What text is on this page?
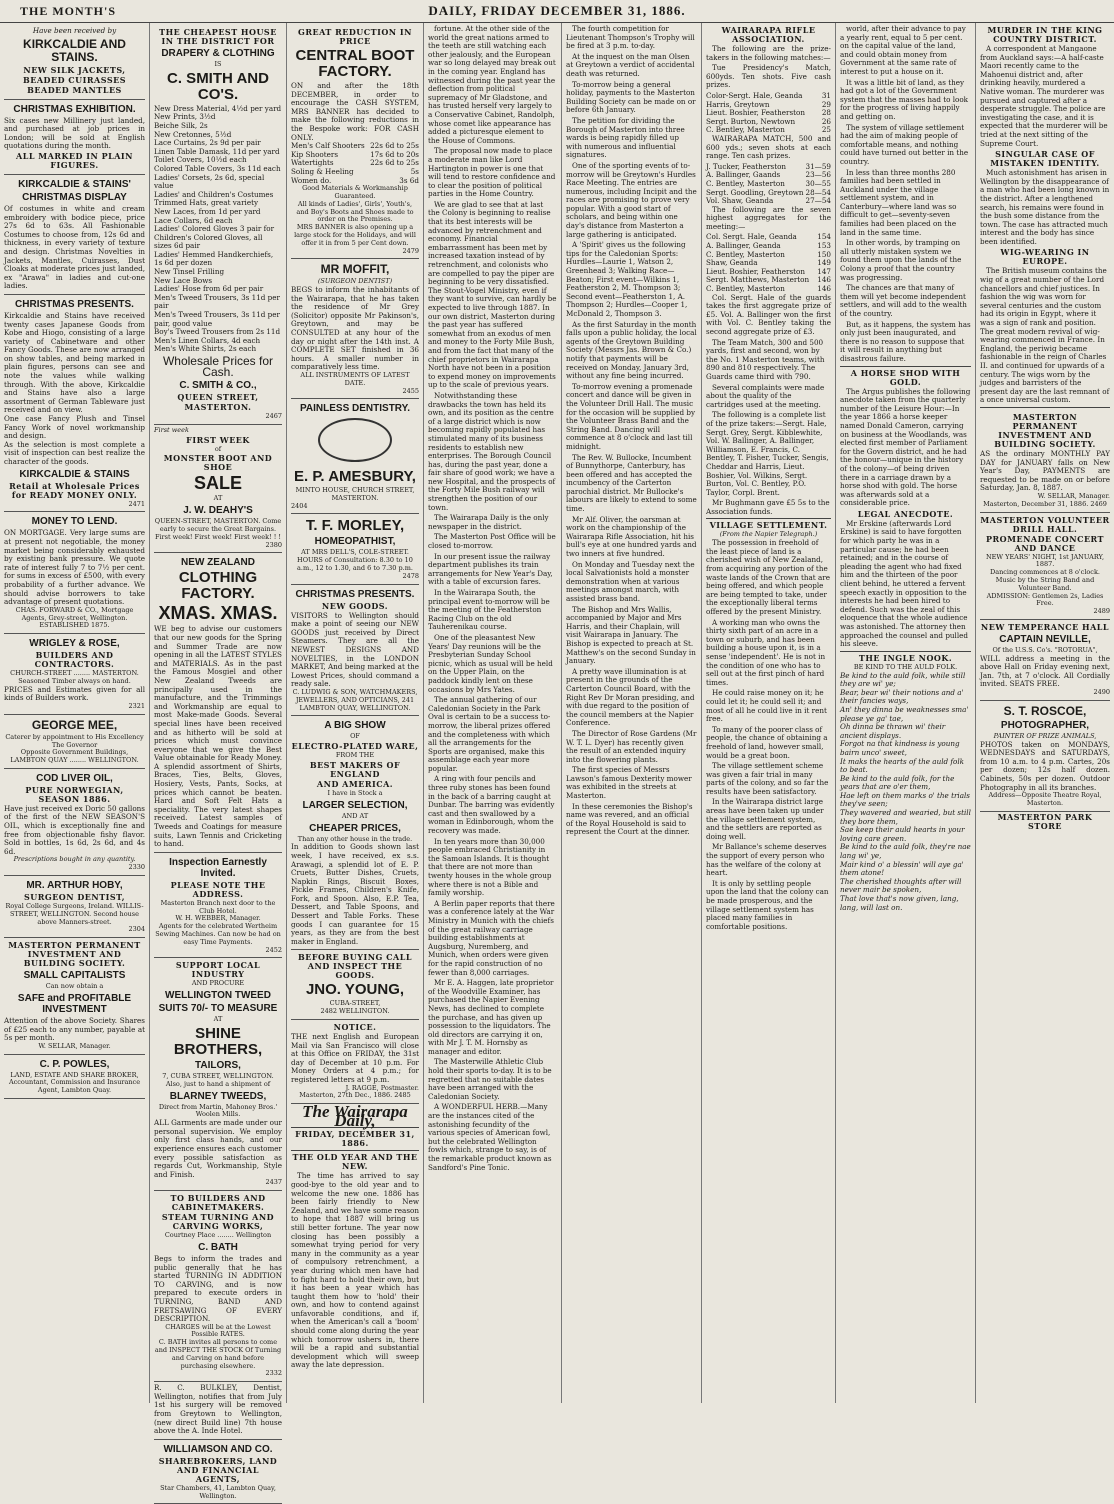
THE MONTH'S	DAILY, FRIDAY DECEMBER 31, 1886.
Have been received by
KIRKCALDIE AND STAINS.
NEW SILK JACKETS,
BEADED CUIRASSES
BEADED MANTLES
CHRISTMAS EXHIBITION.
Six cases new Millinery just landed, and purchased at job prices in London; will be sold at English quotations during the month.
ALL MARKED IN PLAIN FIGURES.
KIRKCALDIE & STAINS'
CHRISTMAS DISPLAY
Of costumes in white and cream embroidery with bodice piece, price 27s 6d to 63s. All Fashionable Costumes to choose from, 12s 6d and thickness, in every variety of texture and design. Christmas Novelties in Jackets, Mantles, Cuirasses, Dust Cloaks at moderate prices just landed, ex "Arawa" in ladies and cut-one ladies.
CHRISTMAS PRESENTS.
Kirkcaldie and Stains have received twenty cases Japanese Goods from Kobe and Hiogo, consisting of a large variety of Cabinetware and other Fancy Goods. These are now arranged on show tables, and being marked in plain figures, persons can see and note the values while walking through. With the above, Kirkcaldie and Stains have also a large assortment of German Tableware just received and on view.
One case Fancy Plush and Tinsel Fancy Work of novel workmanship and design.
As the selection is most complete a visit of inspection can best realize the character of the goods.
KIRKCALDIE & STAINS
Retail at Wholesale Prices for READY MONEY ONLY.
2471
MONEY TO LEND.
ON MORTGAGE. Very large sums are at present not negotiable, the money market being considerably exhausted by existing bank pressure. We quote rate of interest fully 7 to 7½ per cent. for sums in excess of £500, with every probability of a further advance. We should advise borrowers to take advantage of present quotations.
CHAS. FORWARD & CO., Mortgage Agents, Grey-street, Wellington. ESTABLISHED 1875.
WRIGLEY & ROSE,
BUILDERS AND CONTRACTORS.
CHURCH-STREET ........ MASTERTON.
Seasoned Timber always on hand.
PRICES and Estimates given for all kinds of Builders work.
2321
GEORGE MEE,
Caterer by appointment to His Excellency The Governor
Opposite Government Buildings,
LAMBTON QUAY ........ WELLINGTON.
COD LIVER OIL,
PURE NORWEGIAN, SEASON 1886.
Have just received ex Doric 50 gallons of the first of the NEW SEASON'S OIL, which is exceptionally fine and free from objectionable fishy flavor. Sold in bottles, 1s 6d, 2s 6d, and 4s 6d.
Prescriptions bought in any quantity.
2330
MR. ARTHUR HOBY,
SURGEON DENTIST,
Royal College Surgeons, Ireland. WILLIS-STREET, WELLINGTON. Second house above Manners-street.
2304
MASTERTON PERMANENT INVESTMENT AND BUILDING SOCIETY.
SMALL CAPITALISTS
Can now obtain a
SAFE and PROFITABLE INVESTMENT
Attention of the above Society. Shares of £25 each to any number, payable at 5s per month.
W. SELLAR, Manager.
C. P. POWLES,
LAND, ESTATE AND SHARE BROKER, Accountant, Commission and Insurance Agent, Lambton Quay.
THE CHEAPEST HOUSE IN THE DISTRICT FOR
DRAPERY & CLOTHING
IS
C. SMITH AND CO'S.
New Dress Material, 4½d per yard
New Prints, 3½d
Beiche Silk, 2s
New Cretonnes, 5½d
Lace Curtains, 2s 9d per pair
Linen Table Damask, 11d per yard
Toilet Covers, 10½d each
Colored Table Covers, 3s 11d each
Ladies' Corsets, 2s 6d, special value
Ladies' and Children's Costumes
Trimmed Hats, great variety
New Laces, from 1d per yard
Lace Collars, 6d each
Ladies' Colored Gloves 3 pair for
Children's Colored Gloves, all sizes 6d pair
Ladies' Hemmed Handkerchiefs, 1s 6d per dozen
New Tinsel Frilling
New Lace Bows
Ladies' Hose from 6d per pair
Men's Tweed Trousers, 3s 11d per pair
Men's Tweed Trousers, 3s 11d per pair, good value
Boy's Tweed Trousers from 2s 11d
Men's Linen Collars, 4d each
Men's White Shirts, 2s each
Wholesale Prices for Cash.
C. SMITH & CO.,
QUEEN STREET,
MASTERTON.
2467
First week
FIRST WEEK
of
MONSTER BOOT AND SHOE
SALE
AT
J. W. DEAHY'S
QUEEN-STREET, MASTERTON. Come early to secure the Great Bargains. First week! First week! First week! ! !
2380
NEW ZEALAND
CLOTHING FACTORY.
XMAS. XMAS.
WE beg to advise our customers that our new goods for the Spring and Summer Trade are now opening in all the LATEST STYLES and MATERIALS. As in the past the Famous Mosgiel and other New Zealand Tweeds are principally used in the manufacture, and the Trimmings and Workmanship are equal to most Make-made Goods. Several special lines have been received and as hitherto will be sold at prices which must convince everyone that we give the Best Value obtainable for Ready Money. A splendid assortment of Shirts, Braces, Ties, Belts, Gloves, Hosiery, Vests, Pants, Socks, at prices which cannot be beaten. Hard and Soft Felt Hats a speciality. The very latest shapes received. Latest samples of Tweeds and Coatings for measure suits, Lawn Tennis and Cricketing to hand.
Inspection Earnestly Invited.
PLEASE NOTE THE ADDRESS.
Masterton Branch next door to the Club Hotel.
W. H. WEBBER, Manager.
Agents for the celebrated Wertheim Sewing Machines. Can now be had on easy Time Payments.
2452
SUPPORT LOCAL INDUSTRY
AND PROCURE
WELLINGTON TWEED
SUITS 70/- TO MEASURE
AT
SHINE BROTHERS,
TAILORS,
7, CUBA STREET, WELLINGTON.
Also, just to hand a shipment of
BLARNEY TWEEDS,
Direct from Martin, Mahoney Bros.' Woolen Mills.
ALL Garments are made under our personal supervision. We employ only first class hands, and our experience ensures each customer every possible satisfaction as regards Cut, Workmanship, Style and Finish.
2437
TO BUILDERS AND CABINETMAKERS.
STEAM TURNING AND CARVING WORKS,
Courtney Place ........ Wellington
C. BATH
Begs to inform the trades and public generally that he has started TURNING IN ADDITION TO CARVING, and is now prepared to execute orders in TURNING, BAND AND FRETSAWING OF EVERY DESCRIPTION.
CHARGES will be at the Lowest Possible RATES.
C. BATH invites all persons to come and INSPECT THE STOCK Of Turning and Carving on hand before purchasing elsewhere.
2332
R. C. BULKLEY, Dentist, Wellington, notifies that from July 1st his surgery will be removed from Greytown to Wellington, (new direct Build line) 7th house above the A. Inde Hotel.
WILLIAMSON AND CO.
SHAREBROKERS, LAND AND FINANCIAL AGENTS,
Star Chambers, 41, Lambton Quay, Wellington.
GREAT REDUCTION IN PRICE
CENTRAL BOOT FACTORY.
ON and after the 18th DECEMBER, in order to encourage the CASH SYSTEM, MRS BANNER has decided to make the following reductions in the Bespoke work: FOR CASH ONLY.
Men's Calf Shooters 22s 6d to 25s
Kip Shooters	17s 6d to 20s
Watertights	22s 6d to 25s
Soling & Heeling	5s
Women do.	3s 6d
Good Materials & Workmanship Guaranteed.
All kinds of Ladies', Girls', Youth's, and Boy's Boots and Shoes made to order on the Premises.
MRS BANNER is also opening up a large stock for the Holidays, and will offer it in from 5 per Cent down.
2479
MR MOFFIT,
(SURGEON DENTIST)
BEGS to inform the inhabitants of the Wairarapa, that he has taken the residence of Mr Grey (Solicitor) opposite Mr Pakinson's, Greytown, and may be CONSULTED at any hour of the day or night after the 14th inst. A COMPLETE SET finished in 36 hours. A smaller number in comparatively less time.
ALL INSTRUMENTS OF LATEST DATE.
2455
PAINLESS DENTISTRY.
E. P. AMESBURY,
MINTO HOUSE, CHURCH STREET, MASTERTON.
2404
T. F. MORLEY,
HOMEOPATHIST,
AT MRS DELL'S, COLE-STREET.
HOURS of Consultation: 8.30 to 10 a.m., 12 to 1.30, and 6 to 7.30 p.m.
2478
CHRISTMAS PRESENTS.
NEW GOODS.
VISITORS to Wellington should make a point of seeing our NEW GOODS just received by Direct Steamers. They are all the NEWEST DESIGNS AND NOVELTIES, in the LONDON MARKET, And being marked at the Lowest Prices, should command a ready sale.
C. LUDWIG & SON, WATCHMAKERS, JEWELLERS, AND OPTICIANS, 241 LAMBTON QUAY, WELLINGTON.
A BIG SHOW
OF
ELECTRO-PLATED WARE,
FROM THE
BEST MAKERS OF ENGLAND
AND AMERICA.
I have in Stock a
LARGER SELECTION,
AND AT
CHEAPER PRICES,
Than any other house in the trade.
In addition to Goods shown last week, I have received, ex s.s. Arawagi, a splendid lot of E. P. Cruets, Butter Dishes, Cruets, Napkin Rings, Biscuit Boxes, Pickle Frames, Children's Knife, Fork, and Spoon. Also, E.P. Tea, Dessert, and Table Spoons, and Dessert and Table Forks. These goods I can guarantee for 15 years, as they are from the best maker in England.
BEFORE BUYING CALL AND INSPECT THE GOODS.
JNO. YOUNG,
CUBA-STREET,
2482 WELLINGTON.
NOTICE.
THE next English and European Mail via San Francisco will close at this Office on FRIDAY, the 31st day of December at 10 p.m. For Money Orders at 4 p.m.; for registered letters at 9 p.m.
J. RAGGE, Postmaster.
Masterton, 27th Dec., 1886. 2485
The Wairarapa Daily,
FRIDAY, DECEMBER 31, 1886.
THE OLD YEAR AND THE NEW.
The time has arrived to say good-bye to the old year and to welcome the new one. 1886 has been fairly friendly to New Zealand, and we have some reason to hope that 1887 will bring us still better fortune. The year now closing has been possibly a somewhat trying period for very many in the community as a year of compulsory retrenchment, a year during which men have had to fight hard to hold their own, but it has been a year which has taught them how to 'hold' their own, and how to contend against unfavorable conditions, and if, when the American's call a 'boom' should come along during the year which tomorrow ushers in, there will be a rapid and substantial development which will sweep away the late depression.

fortune. At the other side of the world the great nations armed to the teeth are still watching each other jealously, and the European war so long delayed may break out in the coming year. England has witnessed during the past year the deflection from political supremacy of Mr Gladstone, and has trusted herself very largely to a Conservative Cabinet, Randolph, whose comet like appearance has added a picturesque element to the House of Commons.

The proposal now made to place a moderate man like Lord Hartington in power is one that will tend to restore confidence and to clear the position of political parties in the Home Country.

We are glad to see that at last the Colony is beginning to realise that its best interests will be advanced by retrenchment and economy. Financial embarrassment has been met by increased taxation instead of by retrenchment, and colonists who are compelled to pay the piper are beginning to be very dissatisfied. The Stout-Vogel Ministry, even if they want to survive, can hardly be expected to live through 1887. In our own district, Masterton during the past year has suffered somewhat from an exodus of men and money to the Forty Mile Bush, and from the fact that many of the chief proprietors in Wairarapa North have not been in a position to expend money on improvements up to the scale of previous years.

Notwithstanding these drawbacks the town has held its own, and its position as the centre of a large district which is now becoming rapidly populated has stimulated many of its business residents to establish new enterprises. The Borough Council has, during the past year, done a fair share of good work; we have a new Hospital, and the prospects of the Forty Mile Bush railway will strengthen the position of our town.

The Wairarapa Daily is the only newspaper in the district.

The Masterton Post Office will be closed to-morrow.

In our present issue the railway department publishes its train arrangements for New Year's Day, with a table of excursion fares.

In the Wairarapa South, the principal event to-morrow will be the meeting of the Featherston Racing Club on the old Tauherenikau course.

One of the pleasantest New Years' Day reunions will be the Presbyterian Sunday School picnic, which as usual will be held on the Upper Plain, on the paddock kindly lent on these occasions by Mrs Yates.

The annual gathering of our Caledonian Society in the Park Oval is certain to be a success to-morrow, the liberal prizes offered and the completeness with which all the arrangements for the Sports are organised, make this assemblage each year more popular.

A ring with four pencils and three ruby stones has been found in the back of a barring caught at Dunbar. The barring was evidently cast and then swallowed by a woman in Edinborough, whom the recovery was made.

In ten years more than 30,000 people embraced Christianity in the Samoan Islands. It is thought that there are not more than twenty houses in the whole group where there is not a Bible and family worship.

A Berlin paper reports that there was a conference lately at the War Ministry in Munich with the chiefs of the great railway carriage building establishments at Augsburg, Nuremberg, and Munich, when orders were given for the rapid construction of no fewer than 8,000 carriages.

Mr E. A. Haggen, late proprietor of the Woodville Examiner, has purchased the Napier Evening News, has declined to complete the purchase, and has given up possession to the liquidators. The old directors are carrying it on, with Mr J. T. M. Hornsby as manager and editor.

The Masterwille Athletic Club hold their sports to-day. It is to be regretted that no suitable dates have been arranged with the Caledonian Society.

A WONDERFUL HERB.—Many are the instances cited of the astonishing fecundity of the various species of American fowl, but the celebrated Wellington fowls which, strange to say, is of the remarkable product known as Sandford's Pine Tonic.

The fourth competition for Lieutenant Thompson's Trophy will be fired at 3 p.m. to-day.

At the inquest on the man Olsen at Greytown a verdict of accidental death was returned.

To-morrow being a general holiday, payments to the Masterton Building Society can be made on or before 6th January.

The petition for dividing the Borough of Masterton into three wards is being rapidly filled up with numerous and influential signatures.

One of the sporting events of to-morrow will be Greytown's Hurdles Race Meeting. The entries are numerous, including Incipit and the races are promising to prove very popular. With a good start of scholars, and being within one day's distance from Masterton a large gathering is anticipated.

A 'Spirit' gives us the following tips for the Caledonian Sports: Hurdles—Laurie 1, Watson 2, Greenhead 3; Walking Race—Beaton; First event—Wilkins 1, Featherston 2, M. Thompson 3; Second event—Featherston 1, A. Thompson 2; Hurdles—Cooper 1, McDonald 2, Thompson 3.

As the first Saturday in the month falls upon a public holiday, the local agents of the Greytown Building Society (Messrs Jas. Brown & Co.) notify that payments will be received on Monday, January 3rd, without any fine being incurred.

To-morrow evening a promenade concert and dance will be given in the Volunteer Drill Hall. The music for the occasion will be supplied by the Volunteer Brass Band and the String Band. Dancing will commence at 8 o'clock and last till midnight.

The Rev. W. Bullocke, Incumbent of Bunnythorpe, Canterbury, has been offered and has accepted the incumbency of the Carterton parochial district. Mr Bullocke's labours are likely to extend to some time.

Mr Alf. Oliver, the oarsman at work on the championship of the Wairarapa Rifle Association, hit his bull's eye at one hundred yards and two inners at five hundred.

On Monday and Tuesday next the local Salvationists hold a monster demonstration when at various meetings amongst march, with assisted brass band.

The Bishop and Mrs Wallis, accompanied by Major and Mrs Harris, and their Chaplain, will visit Wairarapa in January. The Bishop is expected to preach at St. Matthew's on the second Sunday in January.

A pretty wave illumination is at present in the grounds of the Carterton Council Board, with the Right Rev Dr Moran presiding, and with due regard to the position of the council members at the Napier Conference.

The Director of Rose Gardens (Mr W. T. L. Dyer) has recently given the result of an extended inquiry into the flowering plants.

The first species of Messrs Lawson's famous Dexterity mower was exhibited in the streets at Masterton.

In these ceremonies the Bishop's name was revered, and an official of the Royal Household is said to represent the Court at the dinner.

WAIRARAPA RIFLE ASSOCIATION.
The following are the prize-takers in the following matches:—
Tue Presidency's Match, 600yds. Ten shots. Five cash prizes.
Color-Sergt. Hale, Geanda	31
Harris, Greytown	29
Lieut. Boshier, Featherston 28
Sergt. Burton, Newtown	26
C. Bentley, Masterton	25
WAIRARAPA MATCH, 500 and 600 yds.; seven shots at each range. Ten cash prizes.
J. Tucker, Featherston	31—59
A. Ballinger, Gaands	23—56
C. Bentley, Masterton	30—55
Sergt. Goodling, Greytown 28—54
Vol. Shaw, Geanda	27—54
The following are the seven highest aggregates for the meeting:—
Col. Sergt. Hale, Geanda	154
A. Ballinger, Geanda	153
C. Bentley, Masterton	150
Shaw, Geanda	149
Lieut. Boshier, Featherston 147
Sergt. Matthews, Masterton 146
C. Bentley, Masterton	146
Col. Sergt. Hale of the guards takes the first aggregate prize of £5. Vol. A. Ballinger won the first with Vol. C. Bentley taking the second aggregate prize of £3.

The Team Match, 300 and 500 yards, first and second, won by the No. 1 Masterton teams, with 890 and 810 respectively. The Guards came third with 790.

Several complaints were made about the quality of the cartridges used at the meeting.

The following is a complete list of the prize takers:—Sergt. Hale, Sergt. Grey, Sergt. Kibblewhite, Vol. W. Ballinger, A. Ballinger, Williamson, E. Francis, C. Bentley, T. Fisher, Tucker, Sengis, Cheddar and Harris, Lieut. Boshier, Vol. Wilkins, Sergt. Burton, Vol. C. Bentley, P.O. Taylor, Corpl. Brent.

Mr Bughmann gave £5 5s to the Association funds.

VILLAGE SETTLEMENT.
(From the Napier Telegraph.)

The possession in freehold of the least piece of land is a cherished wish of New Zealand, from acquiring any portion of the waste lands of the Crown that are being offered, and which people are being tempted to take, under the exceptionally liberal terms offered by the present Ministry.

A working man who owns the thirty sixth part of an acre in a town or suburb, and has been building a house upon it, is in a sense 'independent'. He is not in the condition of one who has to sell out at the first pinch of hard times.

He could raise money on it; he could let it; he could sell it; and most of all he could live in it rent free.

To many of the poorer class of people, the chance of obtaining a freehold of land, however small, would be a great boon.

The village settlement scheme was given a fair trial in many parts of the colony, and so far the results have been satisfactory.

In the Wairarapa district large areas have been taken up under the village settlement system, and the settlers are reported as doing well.

Mr Ballance's scheme deserves the support of every person who has the welfare of the colony at heart.

It is only by settling people upon the land that the colony can be made prosperous, and the village settlement system has placed many families in comfortable positions.

world, after their advance to pay a yearly rent, equal to 5 per cent. on the capital value of the land, and could obtain money from Government at the same rate of interest to put a house on it.

It was a little bit of land, as they had got a lot of the Government system that the masses had to look for the progress of living happily and getting on.

The system of village settlement had the aim of making people of comfortable means, and nothing could have turned out better in the country.

In less than three months 280 families had been settled in Auckland under the village settlement system, and in Canterbury—where land was so difficult to get—seventy-seven families had been placed on the land in the same time.

In other words, by tramping on all utterly mistaken system we found them upon the lands of the Colony a proof that the country was progressing.

The chances are that many of them will yet become independent settlers, and will add to the wealth of the country.

But, as it happens, the system has only just been inaugurated, and there is no reason to suppose that it will result in anything but disastrous failure.

A HORSE SHOD WITH GOLD.

The Argus publishes the following anecdote taken from the quarterly number of the Leisure Hour:—In the year 1866 a horse keeper named Donald Cameron, carrying on business at the Woodlands, was elected first member of Parliament for the Govern district, and he had the honour—unique in the history of the colony—of being driven there in a carriage drawn by a horse shod with gold. The horse was afterwards sold at a considerable price.

LEGAL ANECDOTE.

Mr Erskine (afterwards Lord Erskine) is said to have forgotten for which party he was in a particular cause; he had been retained; and in the course of pleading the agent who had fixed him and the thirteen of the poor client behind, he uttered a fervent speech exactly in opposition to the interests he had been hired to defend. Such was the zeal of this eloquence that the whole audience was astonished. The attorney then approached the counsel and pulled his sleeve.

THE INGLE NOOK.
BE KIND TO THE AULD FOLK.
Be kind to the auld folk, while still they are wi' ye;
Bear, bear wi' their notions and a' their fancies ways,
An' they dinna be weaknesses sma' please ye ga' tae,
Oh dinna be thrawn wi' their ancient displays.
Forgot na that kindness is young bairn unco' sweet,
It maks the hearts of the auld folk to beat.
Be kind to the auld folk, for the years that are o'er them,
Hae left on them marks o' the trials they've seen;
They wavered and wearied, but still they bore them,
Sae keep their auld hearts in your loving care green.
Be kind to the auld folk, they're nae lang wi' ye,
Mair kind o' a blessin' will aye ga' them atone!
The cherished thoughts after will never mair be spoken,
That love that's now given, lang, lang, will last on.
MURDER IN THE KING COUNTRY DISTRICT.

A correspondent at Mangaone from Auckland says:—A half-caste Maori recently came to the Mahoenui district and, after drinking heavily, murdered a Native woman. The murderer was pursued and captured after a desperate struggle. The police are investigating the case, and it is expected that the murderer will be tried at the next sitting of the Supreme Court.

SINGULAR CASE OF MISTAKEN IDENTITY.

Much astonishment has arisen in Wellington by the disappearance of a man who had been long known in the district. After a lengthened search, his remains were found in the bush some distance from the town. The case has attracted much interest and the body has since been identified.

WIG-WEARING IN EUROPE.

The British museum contains the wig of a great number of the Lord chancellors and chief justices. In fashion the wig was worn for several centuries and the custom had its origin in Egypt, where it was a sign of rank and position. The great modern revival of wig-wearing commenced in France. In England, the periwig became fashionable in the reign of Charles II. and continued for upwards of a century. The wigs worn by the judges and barristers of the present day are the last remnant of a once universal custom.

MASTERTON PERMANENT INVESTMENT AND BUILDING SOCIETY.
AS the ordinary MONTHLY PAY DAY for JANUARY falls on New Year's Day, PAYMENTS are requested to be made on or before Saturday, Jan. 8, 1887.
W. SELLAR, Manager.
Masterton, December 31, 1886. 2469
MASTERTON VOLUNTEER DRILL HALL.
PROMENADE CONCERT AND DANCE
NEW YEARS' NIGHT, 1st JANUARY, 1887.
Dancing commences at 8 o'clock. Music by the String Band and Volunteer Band.
ADMISSION: Gentlemen 2s, Ladies Free.
2489
NEW TEMPERANCE HALL
CAPTAIN NEVILLE,
Of the U.S.S. Co's. "ROTORUA",
WILL address a meeting in the above Hall on Friday evening next, Jan. 7th, at 7 o'clock. All Cordially invited. SEATS FREE.
2490
S. T. ROSCOE,
PHOTOGRAPHER,
PAINTER OF PRIZE ANIMALS,
PHOTOS taken on MONDAYS, WEDNESDAYS and SATURDAYS, from 10 a.m. to 4 p.m. Cartes, 20s per dozen; 12s half dozen. Cabinets, 50s per dozen. Outdoor Photography in all its branches.
Address—Opposite Theatre Royal, Masterton.
MASTERTON PARK STORE
